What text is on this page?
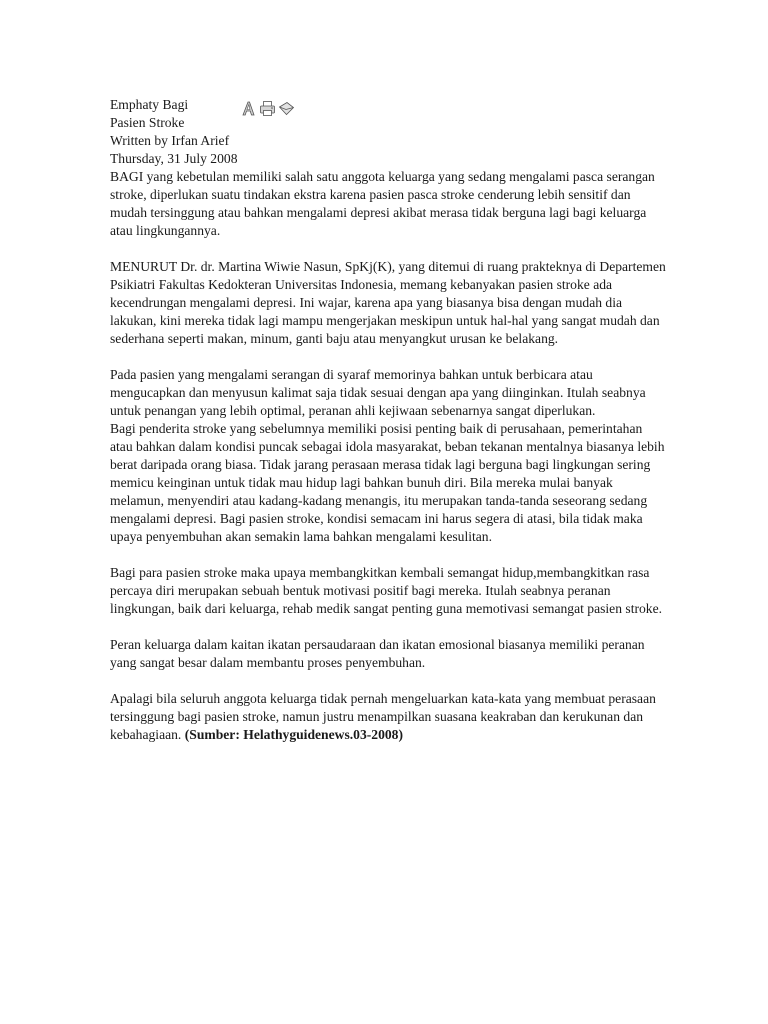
Emphaty Bagi
Pasien Stroke
Written by Irfan Arief
Thursday, 31 July 2008

BAGI yang kebetulan memiliki salah satu anggota keluarga yang sedang mengalami pasca serangan stroke, diperlukan suatu tindakan ekstra karena pasien pasca stroke cenderung lebih sensitif dan mudah tersinggung atau bahkan mengalami depresi akibat merasa tidak berguna lagi bagi keluarga atau lingkungannya.

MENURUT Dr. dr. Martina Wiwie Nasun, SpKj(K), yang ditemui di ruang prakteknya di Departemen Psikiatri Fakultas Kedokteran Universitas Indonesia, memang kebanyakan pasien stroke ada kecendrungan mengalami depresi. Ini wajar, karena apa yang biasanya bisa dengan mudah dia lakukan, kini mereka tidak lagi mampu mengerjakan meskipun untuk hal-hal yang sangat mudah dan sederhana seperti makan, minum, ganti baju atau menyangkut urusan ke belakang.

Pada pasien yang mengalami serangan di syaraf memorinya bahkan untuk berbicara atau mengucapkan dan menyusun kalimat saja tidak sesuai dengan apa yang diinginkan. Itulah seabnya untuk penangan yang lebih optimal, peranan ahli kejiwaan sebenarnya sangat diperlukan.

Bagi penderita stroke yang sebelumnya memiliki posisi penting baik di perusahaan, pemerintahan atau bahkan dalam kondisi puncak sebagai idola masyarakat, beban tekanan mentalnya biasanya lebih berat daripada orang biasa. Tidak jarang perasaan merasa tidak lagi berguna bagi lingkungan sering memicu keinginan untuk tidak mau hidup lagi bahkan bunuh diri. Bila mereka mulai banyak melamun, menyendiri atau kadang-kadang menangis, itu merupakan tanda-tanda seseorang sedang mengalami depresi. Bagi pasien stroke, kondisi semacam ini harus segera di atasi, bila tidak maka upaya penyembuhan akan semakin lama bahkan mengalami kesulitan.

Bagi para pasien stroke maka upaya membangkitkan kembali semangat hidup,membangkitkan rasa percaya diri merupakan sebuah bentuk motivasi positif bagi mereka. Itulah seabnya peranan lingkungan, baik dari keluarga, rehab medik sangat penting guna memotivasi semangat pasien stroke.

Peran keluarga dalam kaitan ikatan persaudaraan dan ikatan emosional biasanya memiliki peranan yang sangat besar dalam membantu proses penyembuhan.

Apalagi bila seluruh anggota keluarga tidak pernah mengeluarkan kata-kata yang membuat perasaan tersinggung bagi pasien stroke, namun justru menampilkan suasana keakraban dan kerukunan dan kebahagiaan. (Sumber: Helathyguidenews.03-2008)
